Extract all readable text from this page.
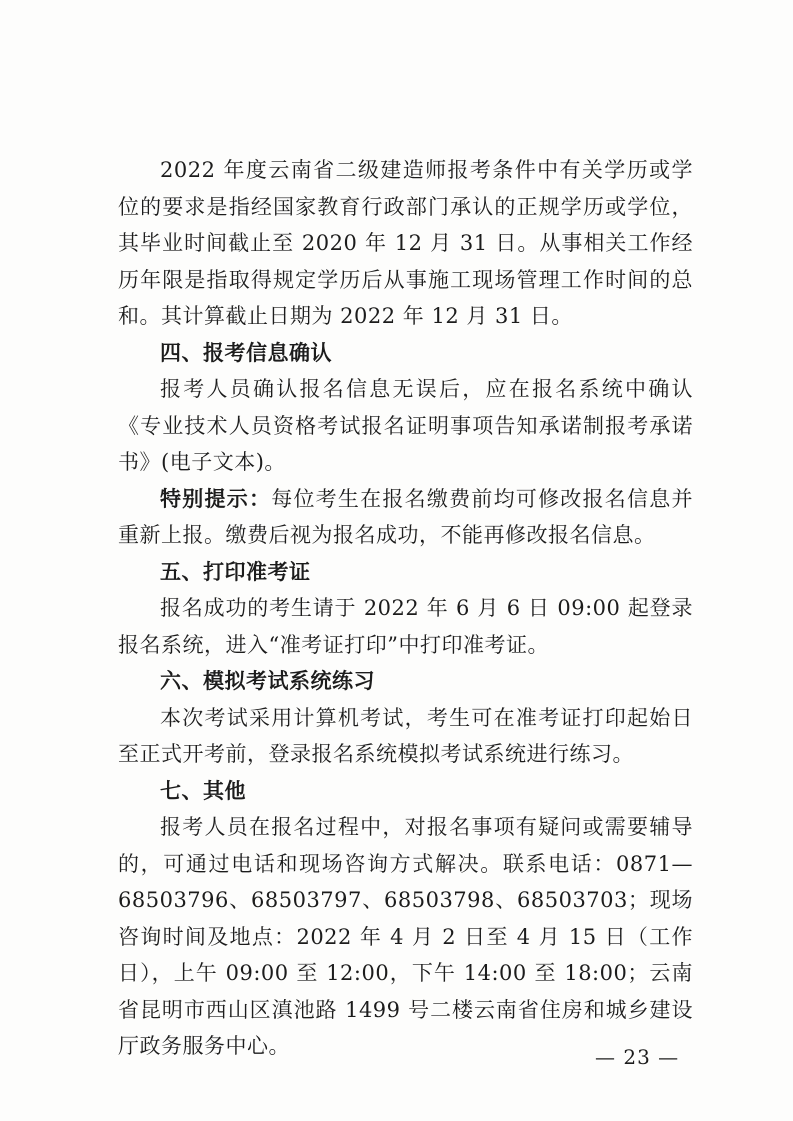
2022 年度云南省二级建造师报考条件中有关学历或学位的要求是指经国家教育行政部门承认的正规学历或学位，其毕业时间截止至 2020 年 12 月 31 日。从事相关工作经历年限是指取得规定学历后从事施工现场管理工作时间的总和。其计算截止日期为 2022 年 12 月 31 日。

四、报考信息确认

报考人员确认报名信息无误后，应在报名系统中确认《专业技术人员资格考试报名证明事项告知承诺制报考承诺书》(电子文本)。

特别提示：每位考生在报名缴费前均可修改报名信息并重新上报。缴费后视为报名成功，不能再修改报名信息。

五、打印准考证

报名成功的考生请于 2022 年 6 月 6 日 09:00 起登录报名系统，进入“准考证打印”中打印准考证。

六、模拟考试系统练习

本次考试采用计算机考试，考生可在准考证打印起始日至正式开考前，登录报名系统模拟考试系统进行练习。

七、其他

报考人员在报名过程中，对报名事项有疑问或需要辅导的，可通过电话和现场咨询方式解决。联系电话：0871—68503796、68503797、68503798、68503703；现场咨询时间及地点：2022 年 4 月 2 日至 4 月 15 日（工作日），上午 09:00 至 12:00，下午 14:00 至 18:00；云南省昆明市西山区滇池路 1499 号二楼云南省住房和城乡建设厅政务服务中心。	— 23 —
